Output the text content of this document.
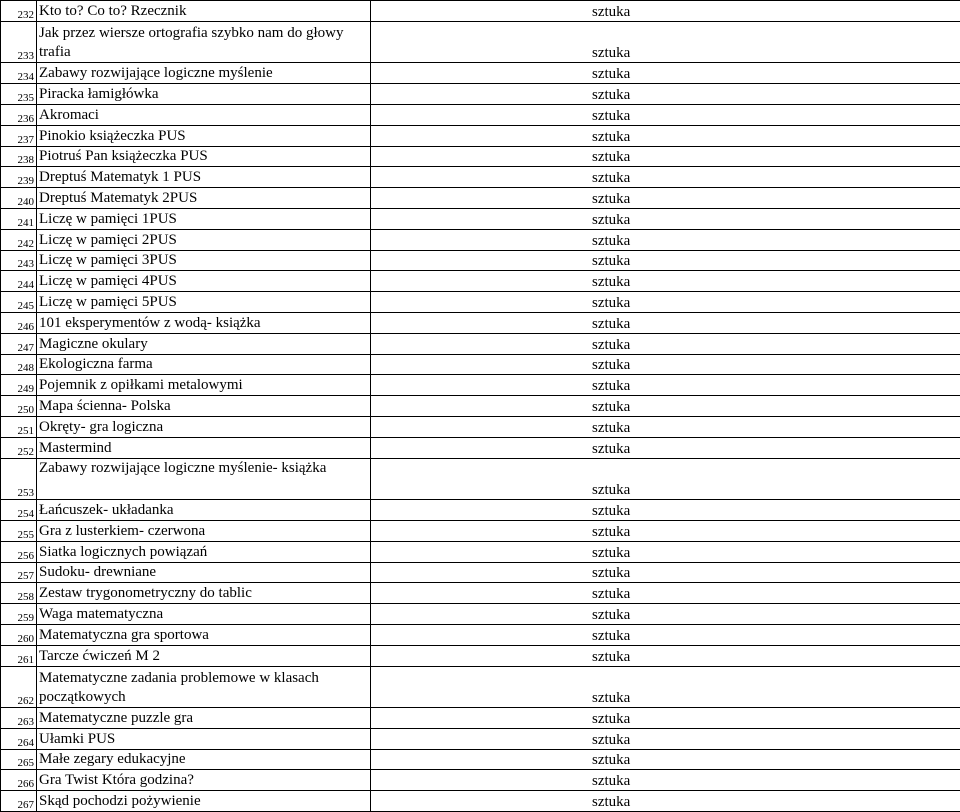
232	Kto to? Co to? Rzecznik	sztuka
233	Jak przez wiersze ortografia szybko nam do głowy trafia	sztuka
234	Zabawy rozwijające logiczne myślenie	sztuka
235	Piracka łamigłówka	sztuka
236	Akromaci	sztuka
237	Pinokio książeczka PUS	sztuka
238	Piotruś Pan książeczka PUS	sztuka
239	Dreptuś Matematyk 1 PUS	sztuka
240	Dreptuś Matematyk 2PUS	sztuka
241	Liczę w pamięci 1PUS	sztuka
242	Liczę w pamięci 2PUS	sztuka
243	Liczę w pamięci 3PUS	sztuka
244	Liczę w pamięci 4PUS	sztuka
245	Liczę w pamięci 5PUS	sztuka
246	101 eksperymentów z wodą- książka	sztuka
247	Magiczne okulary	sztuka
248	Ekologiczna farma	sztuka
249	Pojemnik z opiłkami metalowymi	sztuka
250	Mapa ścienna- Polska	sztuka
251	Okręty- gra logiczna	sztuka
252	Mastermind	sztuka
253	Zabawy rozwijające logiczne myślenie- książka	sztuka
254	Łańcuszek- układanka	sztuka
255	Gra z lusterkiem- czerwona	sztuka
256	Siatka logicznych powiązań	sztuka
257	Sudoku- drewniane	sztuka
258	Zestaw trygonometryczny do tablic	sztuka
259	Waga matematyczna	sztuka
260	Matematyczna gra sportowa	sztuka
261	Tarcze ćwiczeń M 2	sztuka
262	Matematyczne zadania problemowe w klasach początkowych	sztuka
263	Matematyczne puzzle gra	sztuka
264	Ułamki PUS	sztuka
265	Małe zegary edukacyjne	sztuka
266	Gra Twist Która godzina?	sztuka
267	Skąd pochodzi pożywienie	sztuka
